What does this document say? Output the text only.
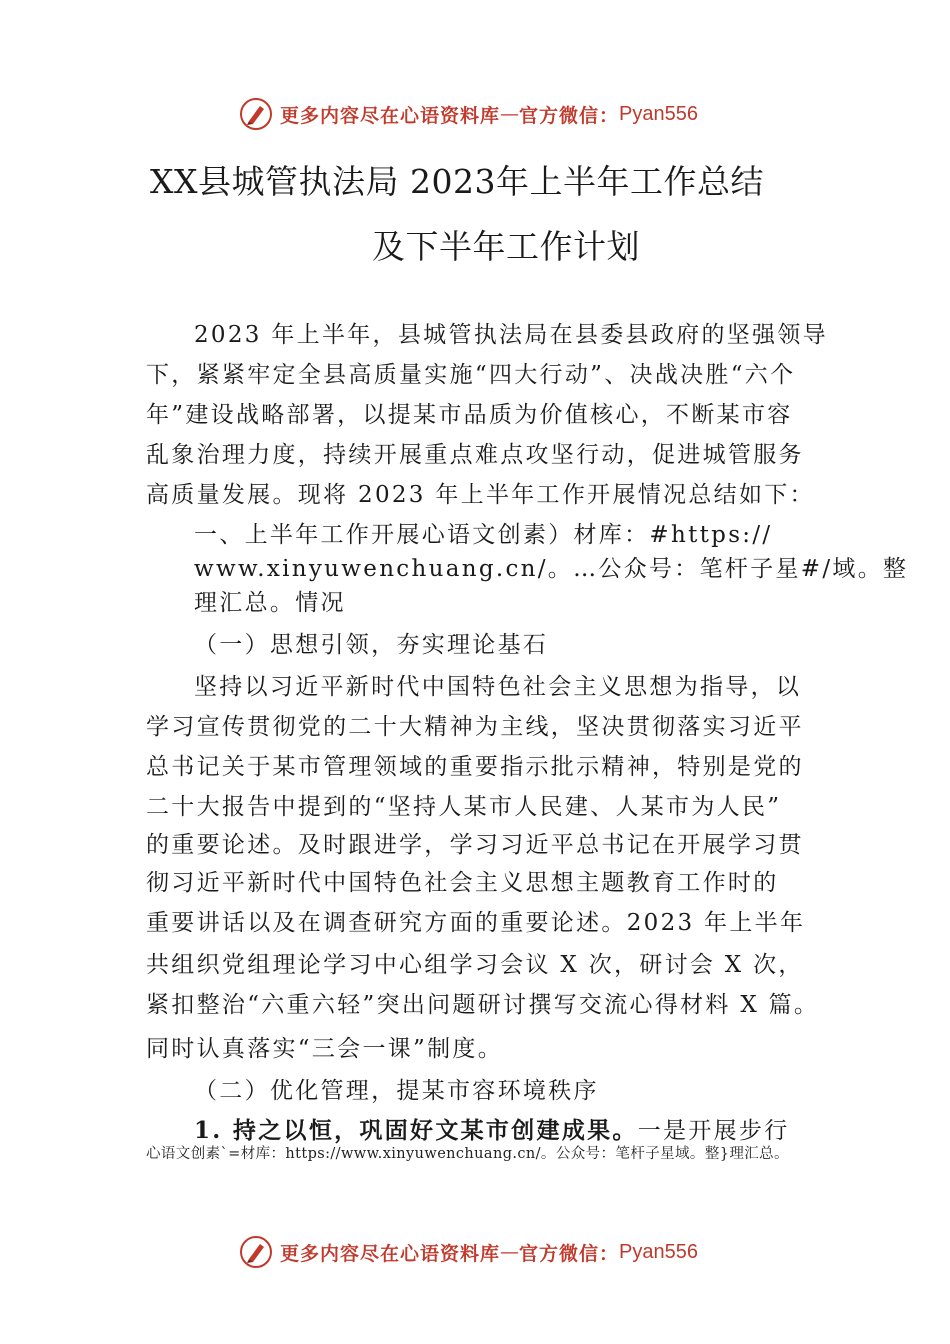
更多内容尽在心语资料库 — 官方微信： Pyan556
XX县城管执法局 2023年上半年工作总结
及下半年工作计划
2023 年上半年，县城管执法局在县委县政府的坚强领导
下，紧紧牢定全县高质量实施“四大行动”、决战决胜“六个
年”建设战略部署，以提某市品质为价值核心，不断某市容
乱象治理力度，持续开展重点难点攻坚行动，促进城管服务
高质量发展。现将 2023 年上半年工作开展情况总结如下：
一、上半年工作开展心语文创素）材库：#https://
www.xinyuwenchuang.cn/。…公众号：笔杆子星#/域。整
理汇总。情况
（一）思想引领，夯实理论基石
坚持以习近平新时代中国特色社会主义思想为指导，以
学习宣传贯彻党的二十大精神为主线，坚决贯彻落实习近平
总书记关于某市管理领域的重要指示批示精神，特别是党的
二十大报告中提到的“坚持人某市人民建、人某市为人民”
的重要论述。及时跟进学，学习习近平总书记在开展学习贯
彻习近平新时代中国特色社会主义思想主题教育工作时的
重要讲话以及在调查研究方面的重要论述。2023 年上半年
共组织党组理论学习中心组学习会议 X 次，研讨会 X 次，
紧扣整治“六重六轻”突出问题研讨撰写交流心得材料 X 篇。
同时认真落实“三会一课”制度。
（二）优化管理，提某市容环境秩序
1. 持之以恒，巩固好文某市创建成果。一是开展步行
心语文创素`=材库：https://www.xinyuwenchuang.cn/。公众号：笔杆子星域。整}理汇总。
更多内容尽在心语资料库 — 官方微信： Pyan556
